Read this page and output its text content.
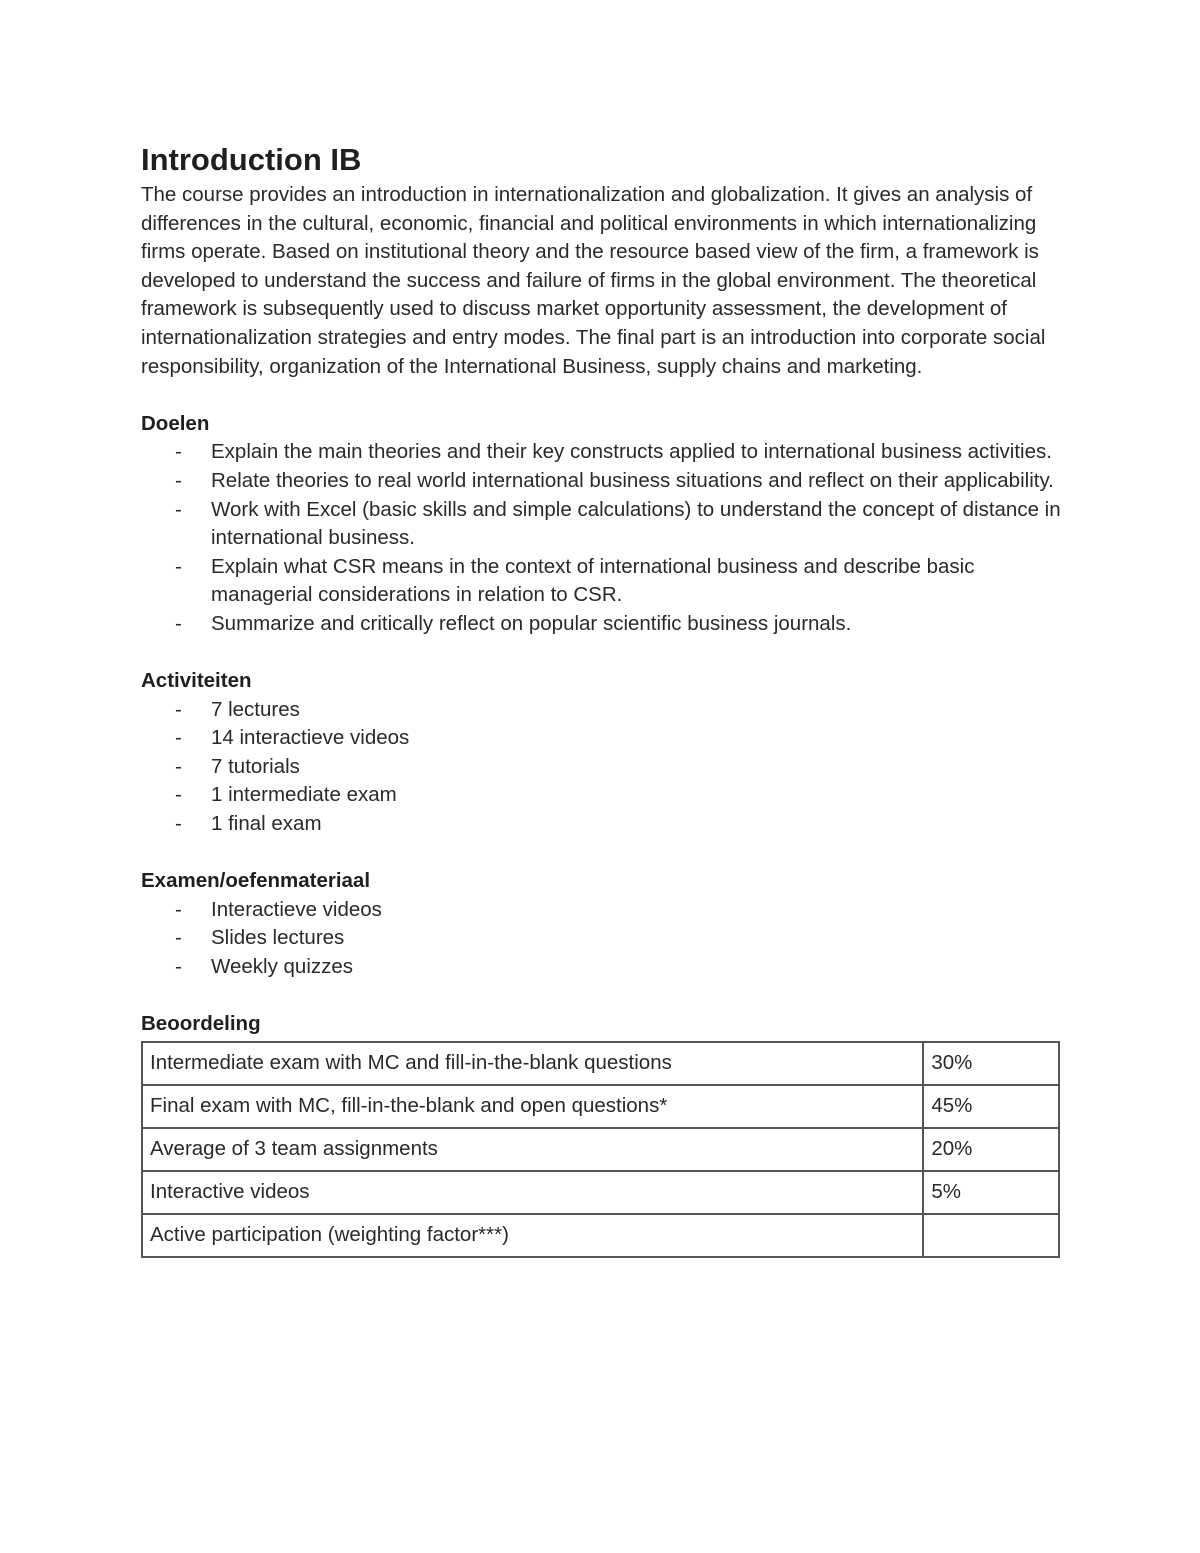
Introduction IB

The course provides an introduction in internationalization and globalization. It gives an analysis of differences in the cultural, economic, financial and political environments in which internationalizing firms operate. Based on institutional theory and the resource based view of the firm, a framework is developed to understand the success and failure of firms in the global environment. The theoretical framework is subsequently used to discuss market opportunity assessment, the development of internationalization strategies and entry modes. The final part is an introduction into corporate social responsibility, organization of the International Business, supply chains and marketing.

Doelen
- Explain the main theories and their key constructs applied to international business activities.
- Relate theories to real world international business situations and reflect on their applicability.
- Work with Excel (basic skills and simple calculations) to understand the concept of distance in international business.
- Explain what CSR means in the context of international business and describe basic managerial considerations in relation to CSR.
- Summarize and critically reflect on popular scientific business journals.
Activiteiten
- 7 lectures
- 14 interactieve videos
- 7 tutorials
- 1 intermediate exam
- 1 final exam
Examen/oefenmateriaal
- Interactieve videos
- Slides lectures
- Weekly quizzes
Beoordeling
Intermediate exam with MC and fill-in-the-blank questions	30%
Final exam with MC, fill-in-the-blank and open questions*	45%
Average of 3 team assignments	20%
Interactive videos	5%
Active participation (weighting factor***)	
